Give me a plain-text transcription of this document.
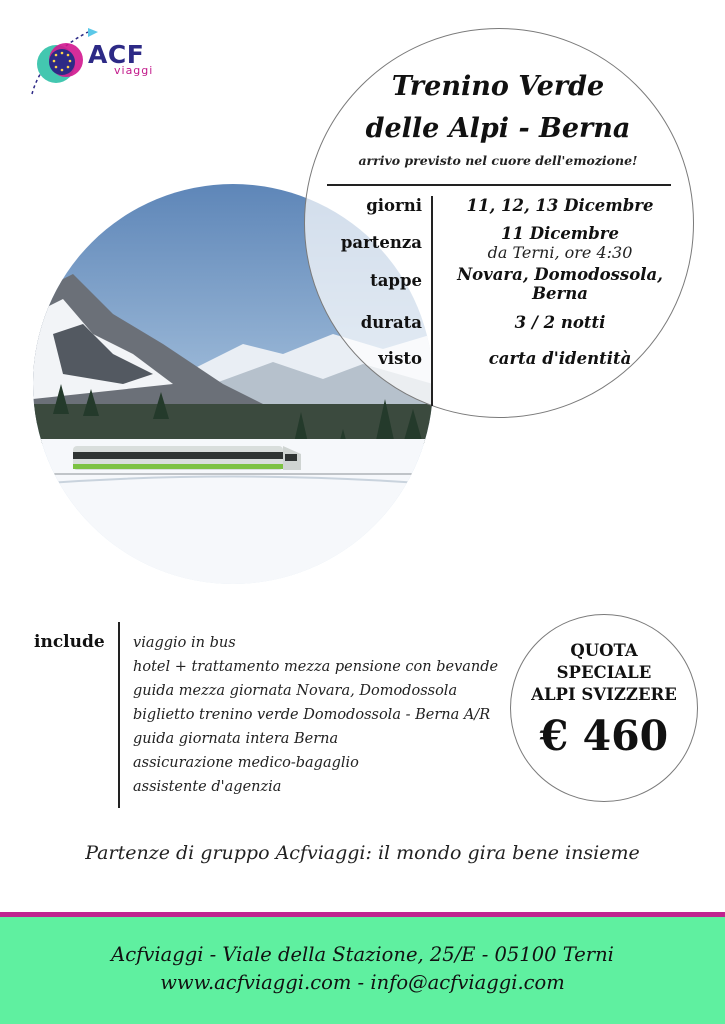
ACF
viaggi
Trenino Verde
delle Alpi - Berna
arrivo previsto nel cuore dell'emozione!
giorni	11, 12, 13 Dicembre
partenza	11 Dicembre
da Terni, ore 4:30
tappe	Novara, Domodossola,
Berna
durata	3 / 2 notti
visto	carta d'identità
include viaggio in bus
hotel + trattamento mezza pensione con bevande
guida mezza giornata Novara, Domodossola
biglietto trenino verde Domodossola - Berna A/R
guida giornata intera Berna
assicurazione medico-bagaglio
assistente d'agenzia
QUOTA
SPECIALE
ALPI SVIZZERE
€ 460
Partenze di gruppo Acfviaggi: il mondo gira bene insieme
Acfviaggi - Viale della Stazione, 25/E - 05100 Terni
www.acfviaggi.com - info@acfviaggi.com
